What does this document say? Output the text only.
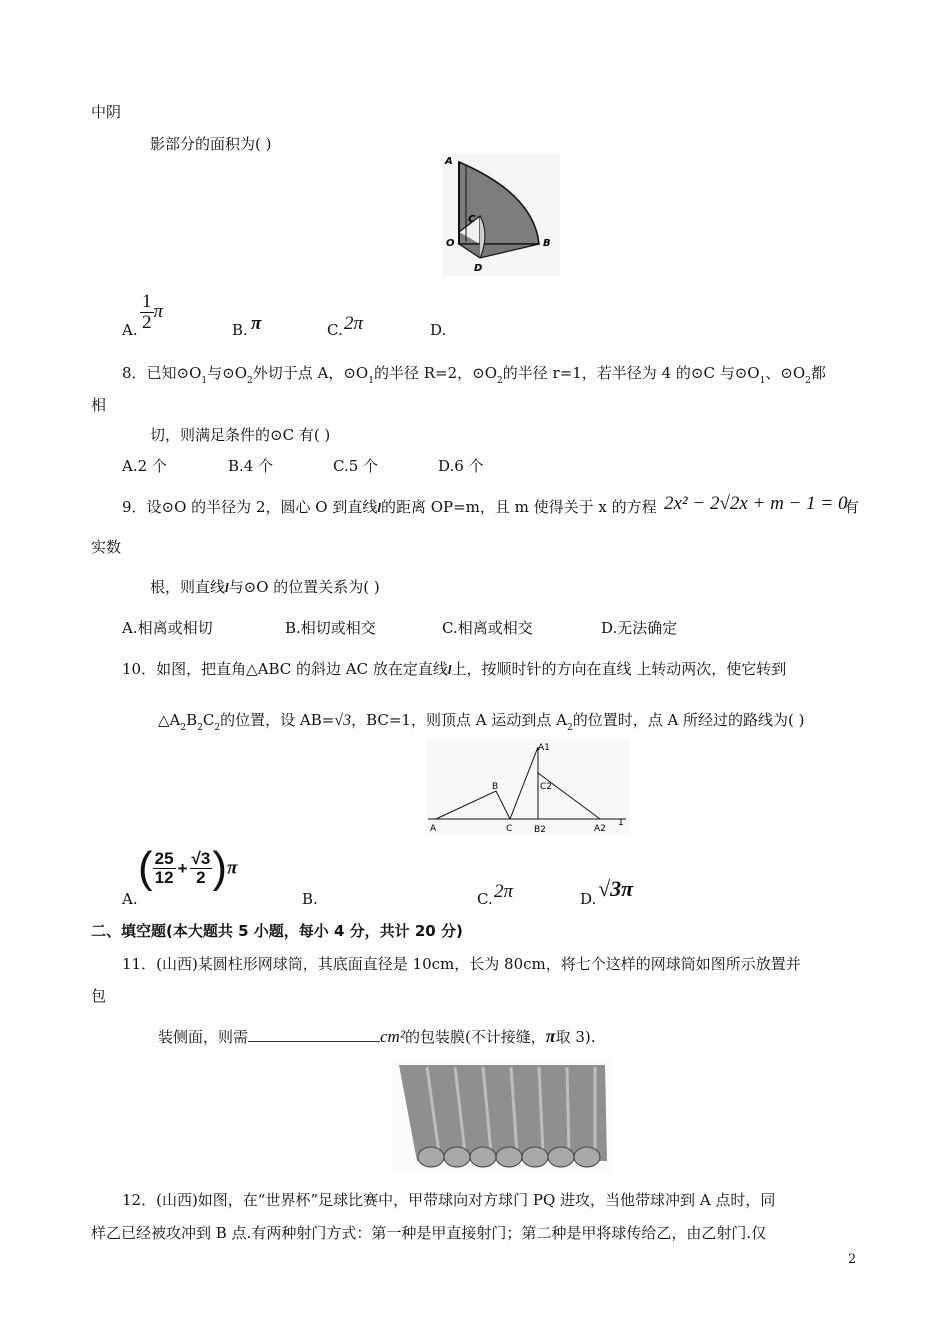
中阴
影部分的面积为( )
A
C
O	B
D
A. $\frac{1}{2}$ π
B. π	C. 2π	D.
8．已知$⊙O_1$与$⊙O_2$外切于点 A，$⊙O_1$的半径 R=2，$⊙O_2$的半径 r=1，若半径为 4 的⊙C 与$⊙O_1$、$⊙O_2$都
相
切，则满足条件的⊙C 有( )
A.2 个	B.4 个	C.5 个	D.6 个
9．设⊙O 的半径为 2，圆心 O 到直线l的距离 OP=m，且 m 使得关于 x 的方程 2x² − 2√2x + m − 1 = 0
有
实数
根，则直线l与⊙O 的位置关系为( )
A.相离或相切	B.相切或相交	C.相离或相交	D.无法确定
10．如图，把直角△ABC 的斜边 AC 放在定直线l上，按顺时针的方向在直线 上转动两次，使它转到
$\triangle A_2B_2C_2$的位置，设 AB=√3，BC=1，则顶点 A 运动到点 $A_2$的位置时，点 A 所经过的路线为( )
A
B
C
A1
C2
B2	A2
1
A.
( $\frac{25}{12} + \frac{√3}{2} )\pi$
B.	C. 2π	D. √3π
二、填空题(本大题共 5 小题，每小 4 分，共计 20 分)
11．(山西)某圆柱形网球筒，其底面直径是 10cm，长为 80cm，将七个这样的网球筒如图所示放置并
包
装侧面，则需	cm²的包装膜(不计接缝，π取 3).
12．(山西)如图，在“世界杯”足球比赛中，甲带球向对方球门 PQ 进攻，当他带球冲到 A 点时，同
样乙已经被攻冲到 B 点.有两种射门方式：第一种是甲直接射门；第二种是甲将球传给乙，由乙射门.仅
2
